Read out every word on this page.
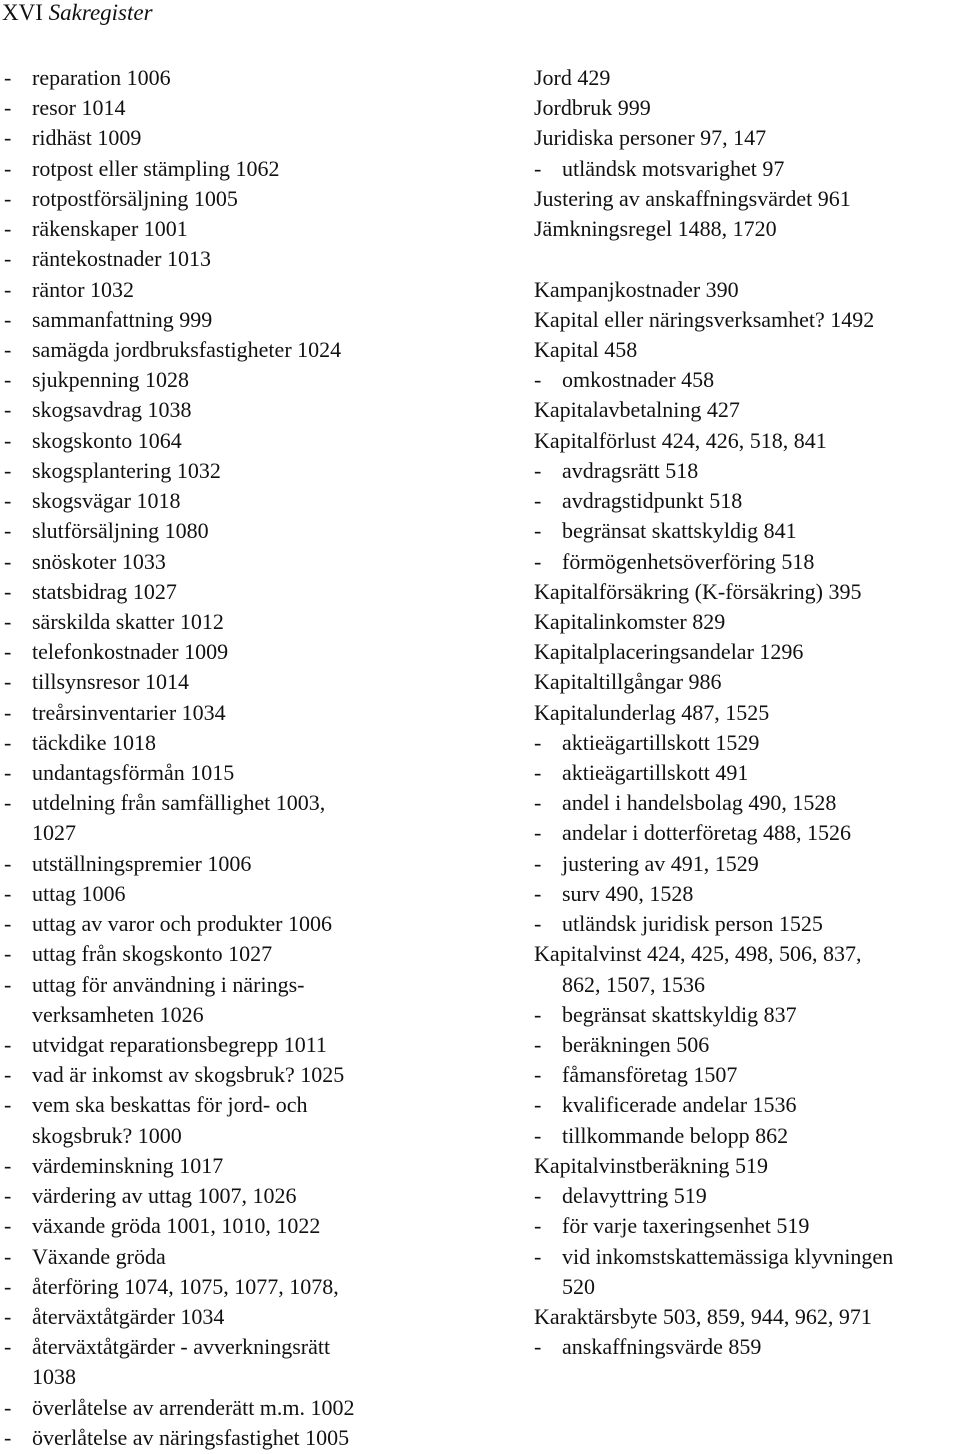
XVI Sakregister
- reparation 1006
- resor 1014
- ridhäst 1009
- rotpost eller stämpling 1062
- rotpostförsäljning 1005
- räkenskaper 1001
- räntekostnader 1013
- räntor 1032
- sammanfattning 999
- samägda jordbruksfastigheter 1024
- sjukpenning 1028
- skogsavdrag 1038
- skogskonto 1064
- skogsplantering 1032
- skogsvägar 1018
- slutförsäljning 1080
- snöskoter 1033
- statsbidrag 1027
- särskilda skatter 1012
- telefonkostnader 1009
- tillsynsresor 1014
- treårsinventarier 1034
- täckdike 1018
- undantagsförmån 1015
- utdelning från samfällighet 1003,
1027
- utställningspremier 1006
- uttag 1006
- uttag av varor och produkter 1006
- uttag från skogskonto 1027
- uttag för användning i närings-
verksamheten 1026
- utvidgat reparationsbegrepp 1011
- vad är inkomst av skogsbruk? 1025
- vem ska beskattas för jord- och
skogsbruk? 1000
- värdeminskning 1017
- värdering av uttag 1007, 1026
- växande gröda 1001, 1010, 1022
- Växande gröda
- återföring 1074, 1075, 1077, 1078,
- återväxtåtgärder 1034
- återväxtåtgärder - avverkningsrätt
1038
- överlåtelse av arrenderätt m.m. 1002
- överlåtelse av näringsfastighet 1005
Jord 429
Jordbruk 999
Juridiska personer 97, 147
- utländsk motsvarighet 97
Justering av anskaffningsvärdet 961
Jämkningsregel 1488, 1720
Kampanjkostnader 390
Kapital eller näringsverksamhet? 1492
Kapital 458
- omkostnader 458
Kapitalavbetalning 427
Kapitalförlust 424, 426, 518, 841
- avdragsrätt 518
- avdragstidpunkt 518
- begränsat skattskyldig 841
- förmögenhetsöverföring 518
Kapitalförsäkring (K-försäkring) 395
Kapitalinkomster 829
Kapitalplaceringsandelar 1296
Kapitaltillgångar 986
Kapitalunderlag 487, 1525
- aktieägartillskott 1529
- aktieägartillskott 491
- andel i handelsbolag 490, 1528
- andelar i dotterföretag 488, 1526
- justering av 491, 1529
- surv 490, 1528
- utländsk juridisk person 1525
Kapitalvinst 424, 425, 498, 506, 837,
862, 1507, 1536
- begränsat skattskyldig 837
- beräkningen 506
- fåmansföretag 1507
- kvalificerade andelar 1536
- tillkommande belopp 862
Kapitalvinstberäkning 519
- delavyttring 519
- för varje taxeringsenhet 519
- vid inkomstskattemässiga klyvningen
520
Karaktärsbyte 503, 859, 944, 962, 971
- anskaffningsvärde 859
